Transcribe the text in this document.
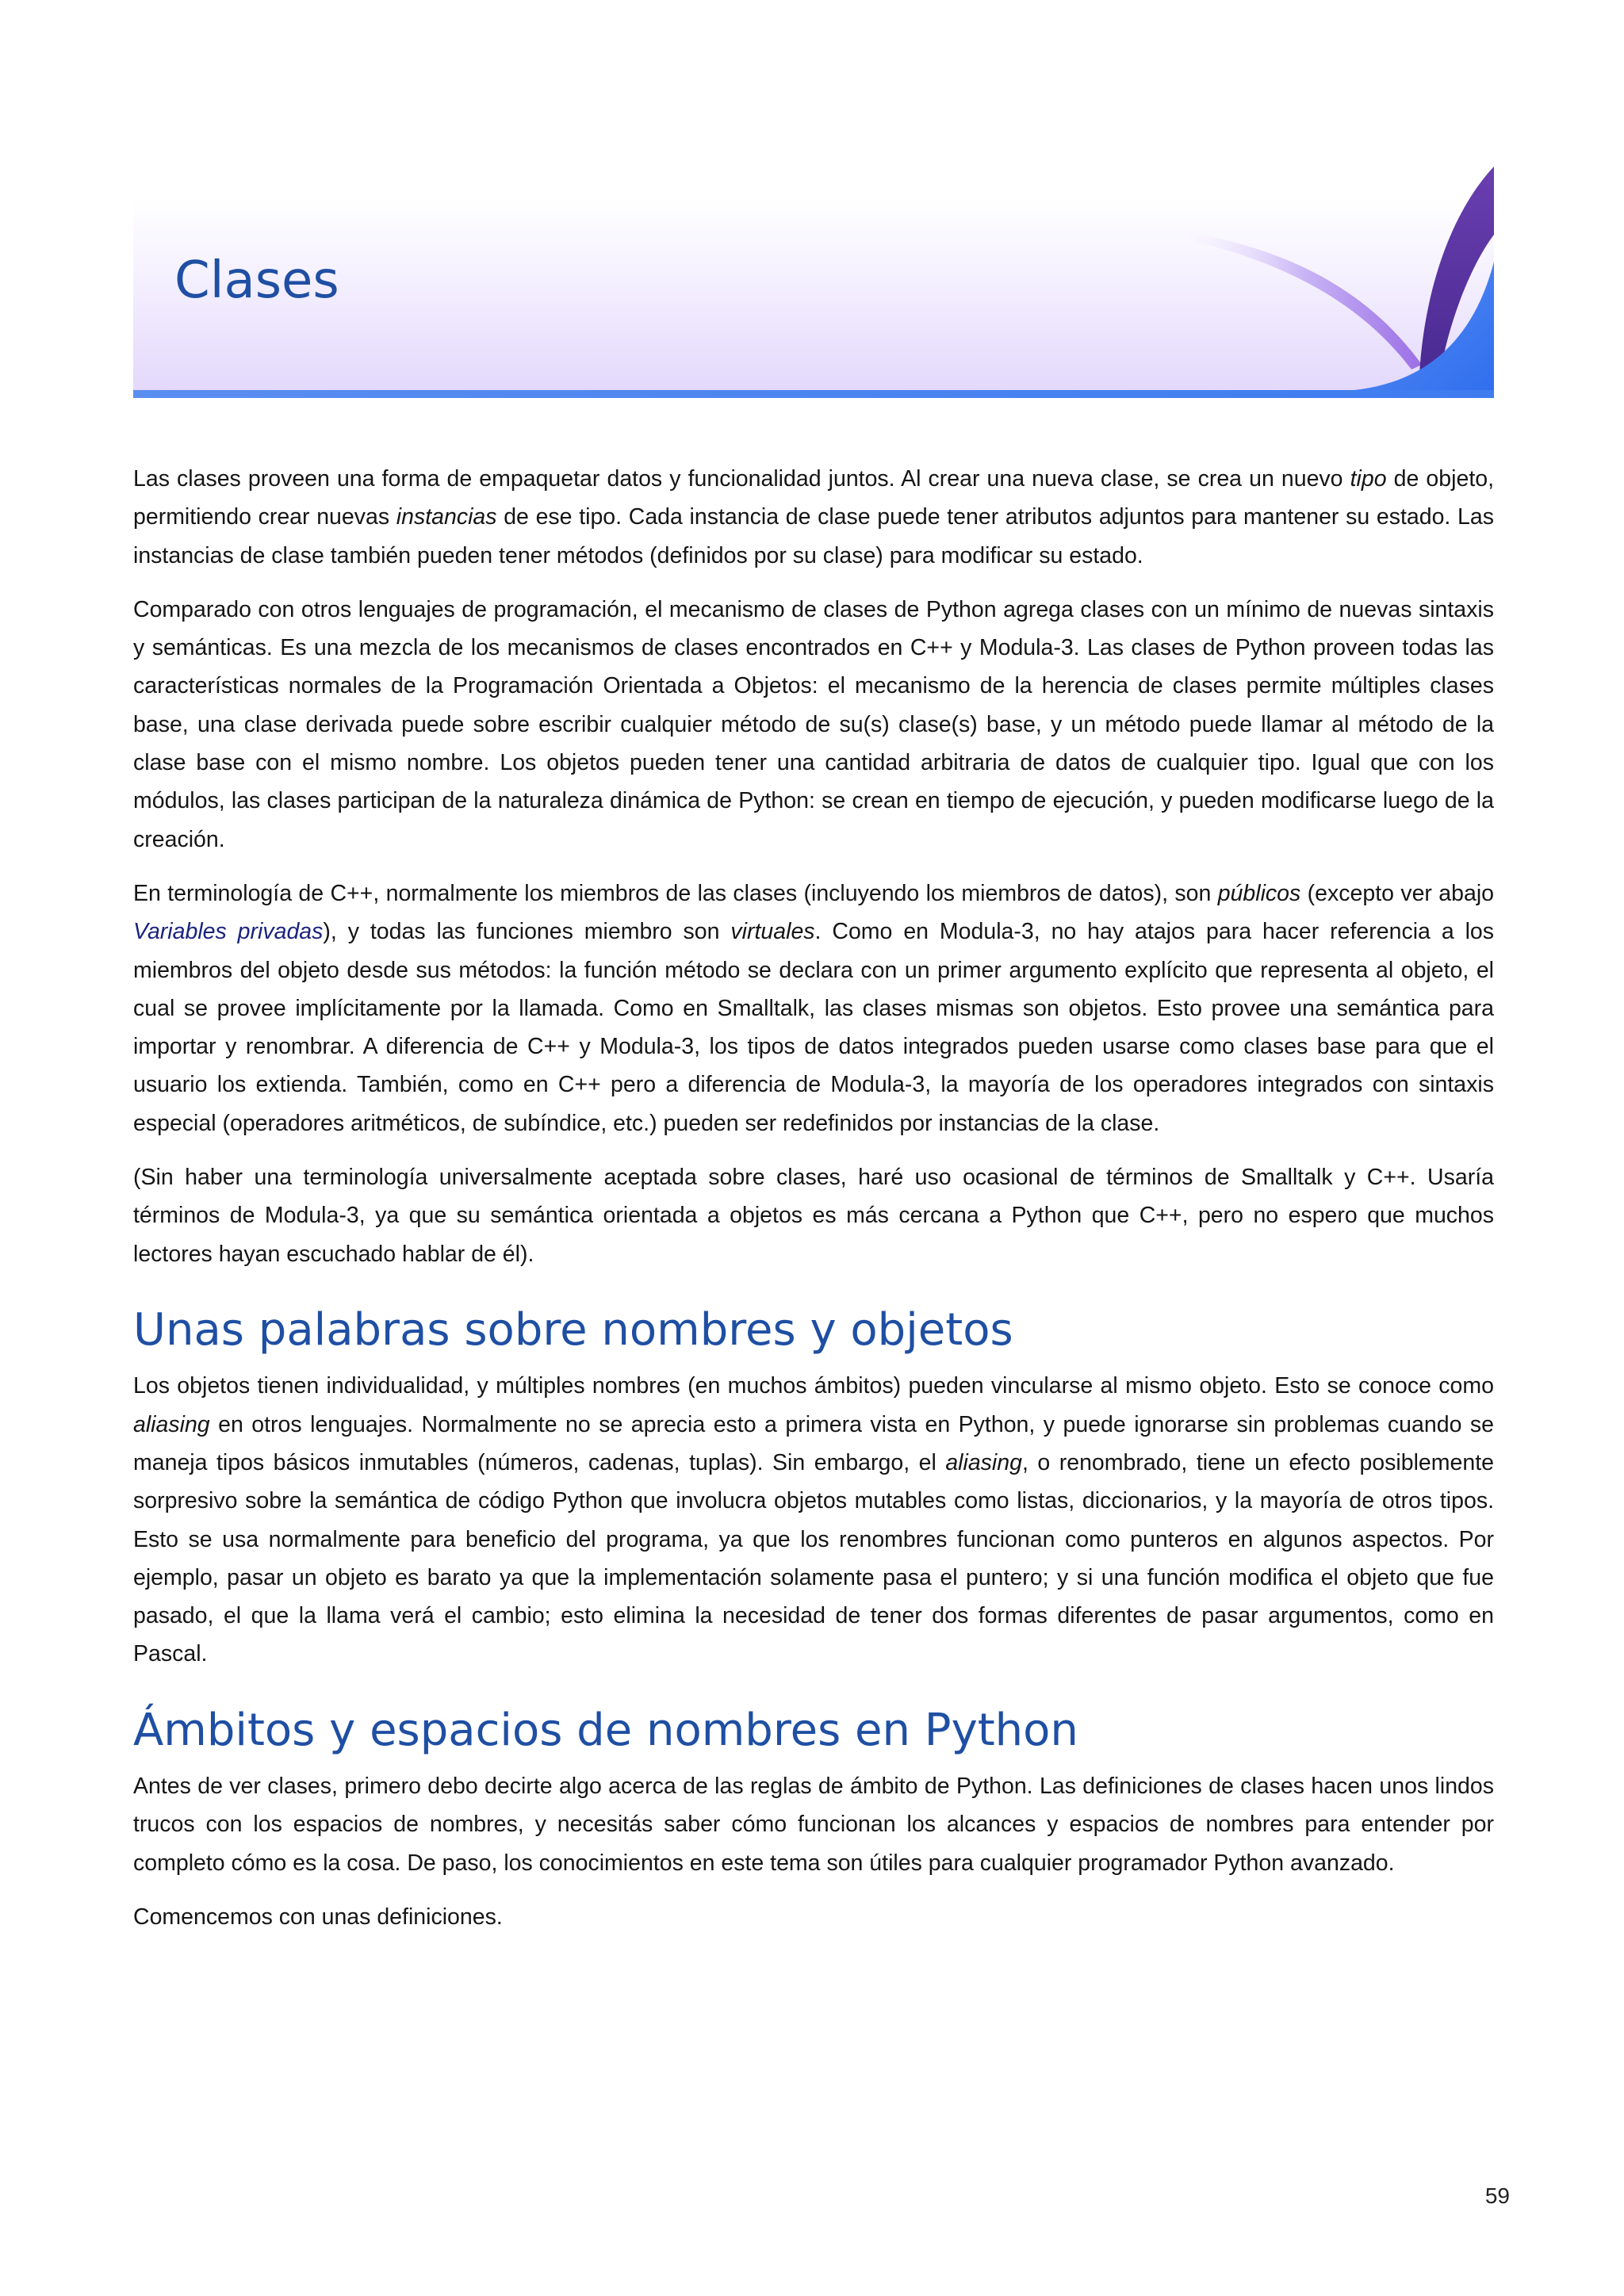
Clases

Las clases proveen una forma de empaquetar datos y funcionalidad juntos. Al crear una nueva clase, se crea un nuevo tipo de objeto, permitiendo crear nuevas instancias de ese tipo. Cada instancia de clase puede tener atributos adjuntos para mantener su estado. Las instancias de clase también pueden tener métodos (definidos por su clase) para modificar su estado.

Comparado con otros lenguajes de programación, el mecanismo de clases de Python agrega clases con un mínimo de nuevas sintaxis y semánticas. Es una mezcla de los mecanismos de clases encontrados en C++ y Modula-3. Las clases de Python proveen todas las características normales de la Programación Orientada a Objetos: el mecanismo de la herencia de clases permite múltiples clases base, una clase derivada puede sobre escribir cualquier método de su(s) clase(s) base, y un método puede llamar al método de la clase base con el mismo nombre. Los objetos pueden tener una cantidad arbitraria de datos de cualquier tipo. Igual que con los módulos, las clases participan de la naturaleza dinámica de Python: se crean en tiempo de ejecución, y pueden modificarse luego de la creación.

En terminología de C++, normalmente los miembros de las clases (incluyendo los miembros de datos), son públicos (excepto ver abajo Variables privadas), y todas las funciones miembro son virtuales. Como en Modula-3, no hay atajos para hacer referencia a los miembros del objeto desde sus métodos: la función método se declara con un primer argumento explícito que representa al objeto, el cual se provee implícitamente por la llamada. Como en Smalltalk, las clases mismas son objetos. Esto provee una semántica para importar y renombrar. A diferencia de C++ y Modula-3, los tipos de datos integrados pueden usarse como clases base para que el usuario los extienda. También, como en C++ pero a diferencia de Modula-3, la mayoría de los operadores integrados con sintaxis especial (operadores aritméticos, de subíndice, etc.) pueden ser redefinidos por instancias de la clase.

(Sin haber una terminología universalmente aceptada sobre clases, haré uso ocasional de términos de Smalltalk y C++. Usaría términos de Modula-3, ya que su semántica orientada a objetos es más cercana a Python que C++, pero no espero que muchos lectores hayan escuchado hablar de él).

Unas palabras sobre nombres y objetos

Los objetos tienen individualidad, y múltiples nombres (en muchos ámbitos) pueden vincularse al mismo objeto. Esto se conoce como aliasing en otros lenguajes. Normalmente no se aprecia esto a primera vista en Python, y puede ignorarse sin problemas cuando se maneja tipos básicos inmutables (números, cadenas, tuplas). Sin embargo, el aliasing, o renombrado, tiene un efecto posiblemente sorpresivo sobre la semántica de código Python que involucra objetos mutables como listas, diccionarios, y la mayoría de otros tipos. Esto se usa normalmente para beneficio del programa, ya que los renombres funcionan como punteros en algunos aspectos. Por ejemplo, pasar un objeto es barato ya que la implementación solamente pasa el puntero; y si una función modifica el objeto que fue pasado, el que la llama verá el cambio; esto elimina la necesidad de tener dos formas diferentes de pasar argumentos, como en Pascal.

Ámbitos y espacios de nombres en Python

Antes de ver clases, primero debo decirte algo acerca de las reglas de ámbito de Python. Las definiciones de clases hacen unos lindos trucos con los espacios de nombres, y necesitás saber cómo funcionan los alcances y espacios de nombres para entender por completo cómo es la cosa. De paso, los conocimientos en este tema son útiles para cualquier programador Python avanzado.

Comencemos con unas definiciones.

59
